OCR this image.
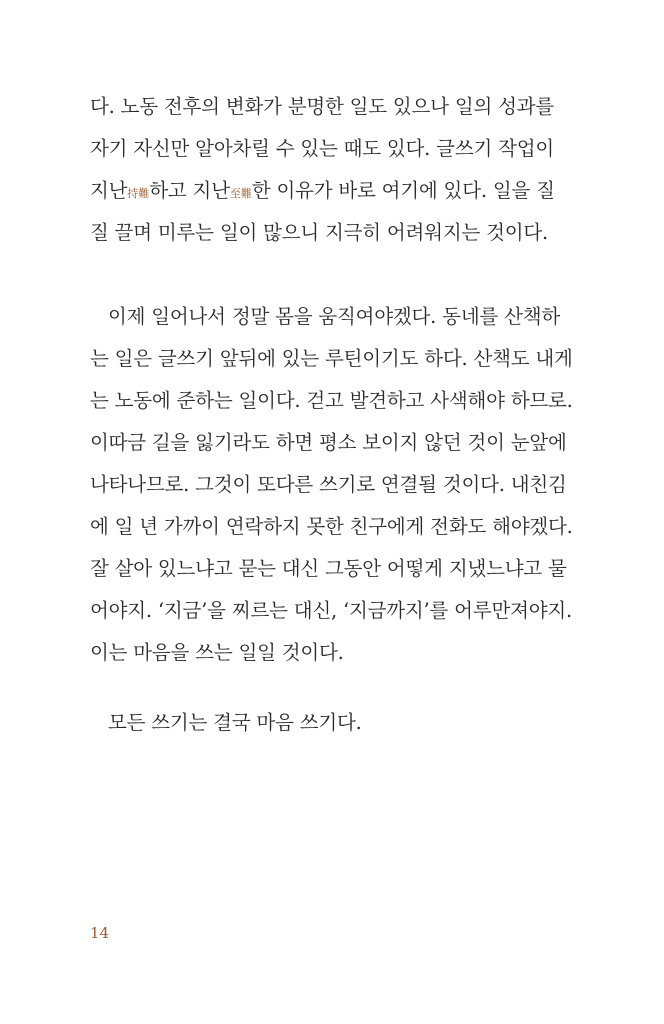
다. 노동 전후의 변화가 분명한 일도 있으나 일의 성과를
자기 자신만 알아차릴 수 있는 때도 있다. 글쓰기 작업이
지난持難하고 지난至難한 이유가 바로 여기에 있다. 일을 질
질 끌며 미루는 일이 많으니 지극히 어려워지는 것이다.
이제 일어나서 정말 몸을 움직여야겠다. 동네를 산책하
는 일은 글쓰기 앞뒤에 있는 루틴이기도 하다. 산책도 내게
는 노동에 준하는 일이다. 걷고 발견하고 사색해야 하므로.
이따금 길을 잃기라도 하면 평소 보이지 않던 것이 눈앞에
나타나므로. 그것이 또다른 쓰기로 연결될 것이다. 내친김
에 일 년 가까이 연락하지 못한 친구에게 전화도 해야겠다.
잘 살아 있느냐고 묻는 대신 그동안 어떻게 지냈느냐고 물
어야지. ‘지금’을 찌르는 대신, ‘지금까지’를 어루만져야지.
이는 마음을 쓰는 일일 것이다.
모든 쓰기는 결국 마음 쓰기다.
14
